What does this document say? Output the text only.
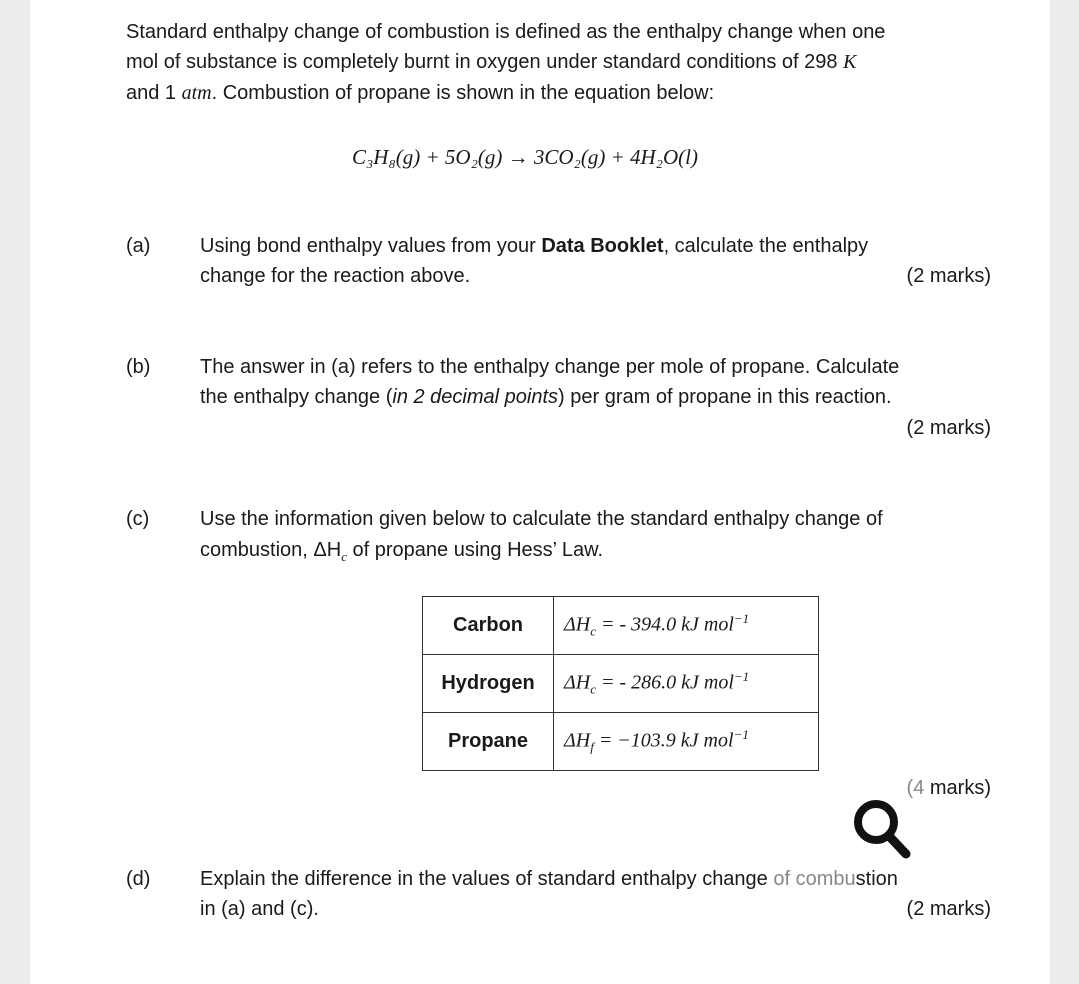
Standard enthalpy change of combustion is defined as the enthalpy change when one
mol of substance is completely burnt in oxygen under standard conditions of 298 K
and 1 atm. Combustion of propane is shown in the equation below:
C₃H₈(g) + 5O₂(g) → 3CO₂(g) + 4H₂O(l)
(a) Using bond enthalpy values from your Data Booklet, calculate the enthalpy
change for the reaction above.	(2 marks)
(b) The answer in (a) refers to the enthalpy change per mole of propane. Calculate
the enthalpy change (in 2 decimal points) per gram of propane in this reaction.
(2 marks)
(c)	Use the information given below to calculate the standard enthalpy change of
combustion, $\Delta H_c$ of propane using Hess’ Law.
Carbon	$\Delta H_c$ = - 394.0 kJ mol$^{-1}$
Hydrogen	$\Delta H_c$ = - 286.0 kJ mol$^{-1}$
Propane	$\Delta H_f = -103.9$ kJ mol$^{-1}$
(4 marks)
(d) Explain the difference in the values of standard enthalpy change of combustion
in (a) and (c).	(2 marks)
